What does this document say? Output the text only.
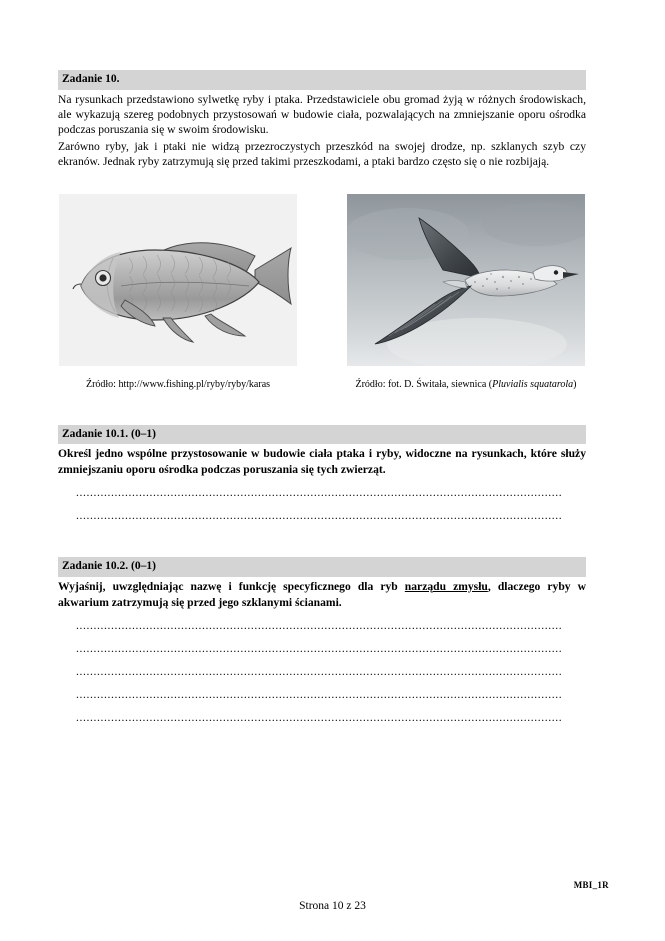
Zadanie 10.

Na rysunkach przedstawiono sylwetkę ryby i ptaka. Przedstawiciele obu gromad żyją w różnych środowiskach, ale wykazują szereg podobnych przystosowań w budowie ciała, pozwalających na zmniejszanie oporu ośrodka podczas poruszania się w swoim środowisku.

Zarówno ryby, jak i ptaki nie widzą przezroczystych przeszkód na swojej drodze, np. szklanych szyb czy ekranów. Jednak ryby zatrzymują się przed takimi przeszkodami, a ptaki bardzo często się o nie rozbijają.

Źródło: http://www.fishing.pl/ryby/ryby/karas	Źródło: fot. D. Świtała, siewnica (Pluvialis squatarola)
Zadanie 10.1. (0–1)
Określ jedno wspólne przystosowanie w budowie ciała ptaka i ryby, widoczne na rysunkach, które służy zmniejszaniu oporu ośrodka podczas poruszania się tych zwierząt.
...........................................................................................................................................
...........................................................................................................................................
Zadanie 10.2. (0–1)
Wyjaśnij, uwzględniając nazwę i funkcję specyficznego dla ryb narządu zmysłu, dlaczego ryby w akwarium zatrzymują się przed jego szklanymi ścianami.
...........................................................................................................................................
...........................................................................................................................................
...........................................................................................................................................
...........................................................................................................................................
...........................................................................................................................................
MBI_1R
Strona 10 z 23
